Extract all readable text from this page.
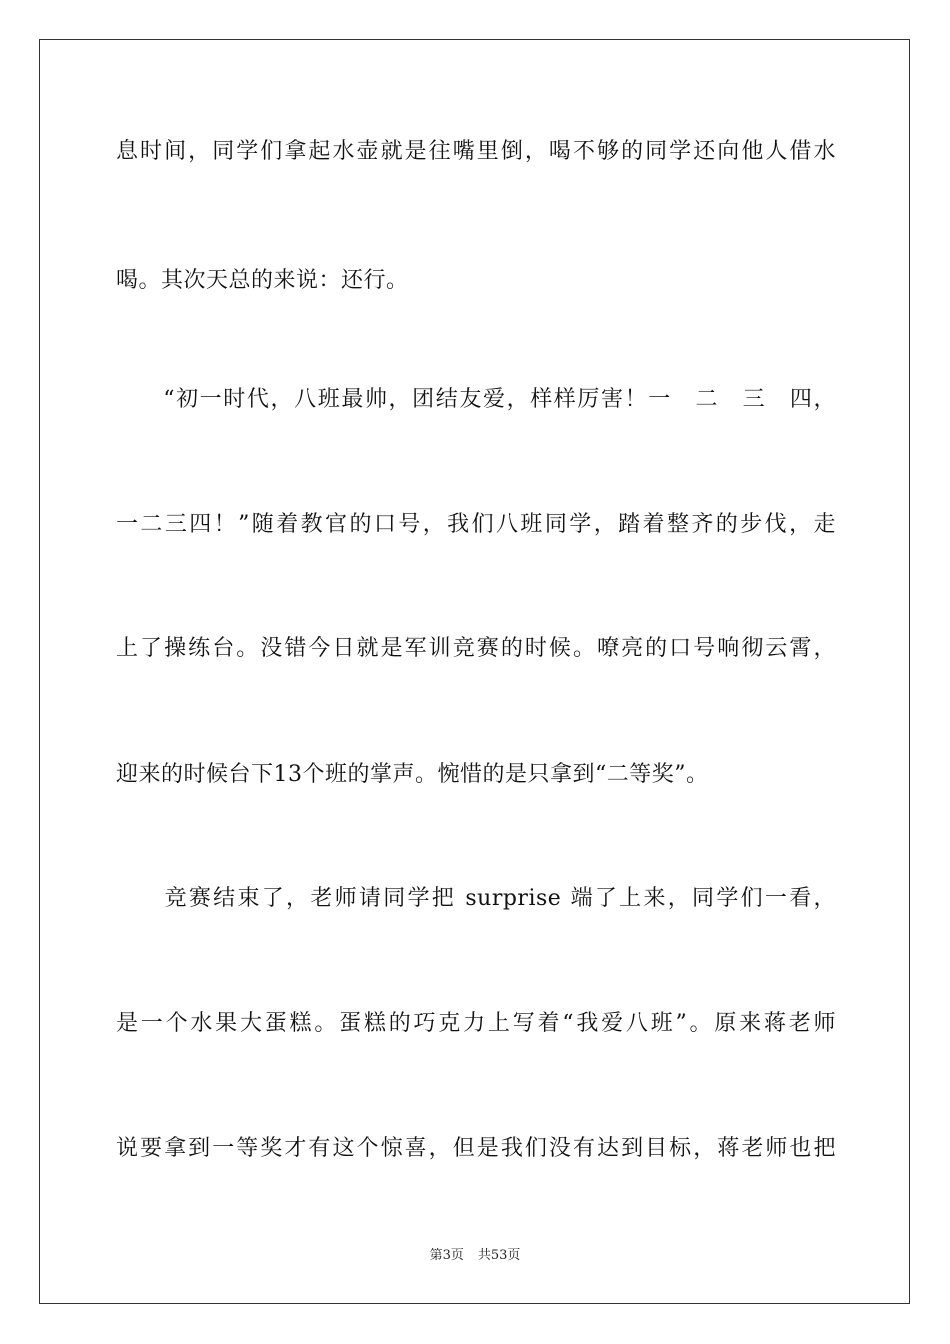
息时间，同学们拿起水壶就是往嘴里倒，喝不够的同学还向他人借水
喝。其次天总的来说：还行。
　　“初一时代，八班最帅，团结友爱，样样厉害！一　二　三　四，
一二三四！”随着教官的口号，我们八班同学，踏着整齐的步伐，走
上了操练台。没错今日就是军训竞赛的时候。嘹亮的口号响彻云霄，
迎来的时候台下13个班的掌声。惋惜的是只拿到“二等奖”。
　　竞赛结束了，老师请同学把 surprise 端了上来，同学们一看，
是一个水果大蛋糕。蛋糕的巧克力上写着“我爱八班”。原来蒋老师
说要拿到一等奖才有这个惊喜，但是我们没有达到目标，蒋老师也把
第3页 共53页
